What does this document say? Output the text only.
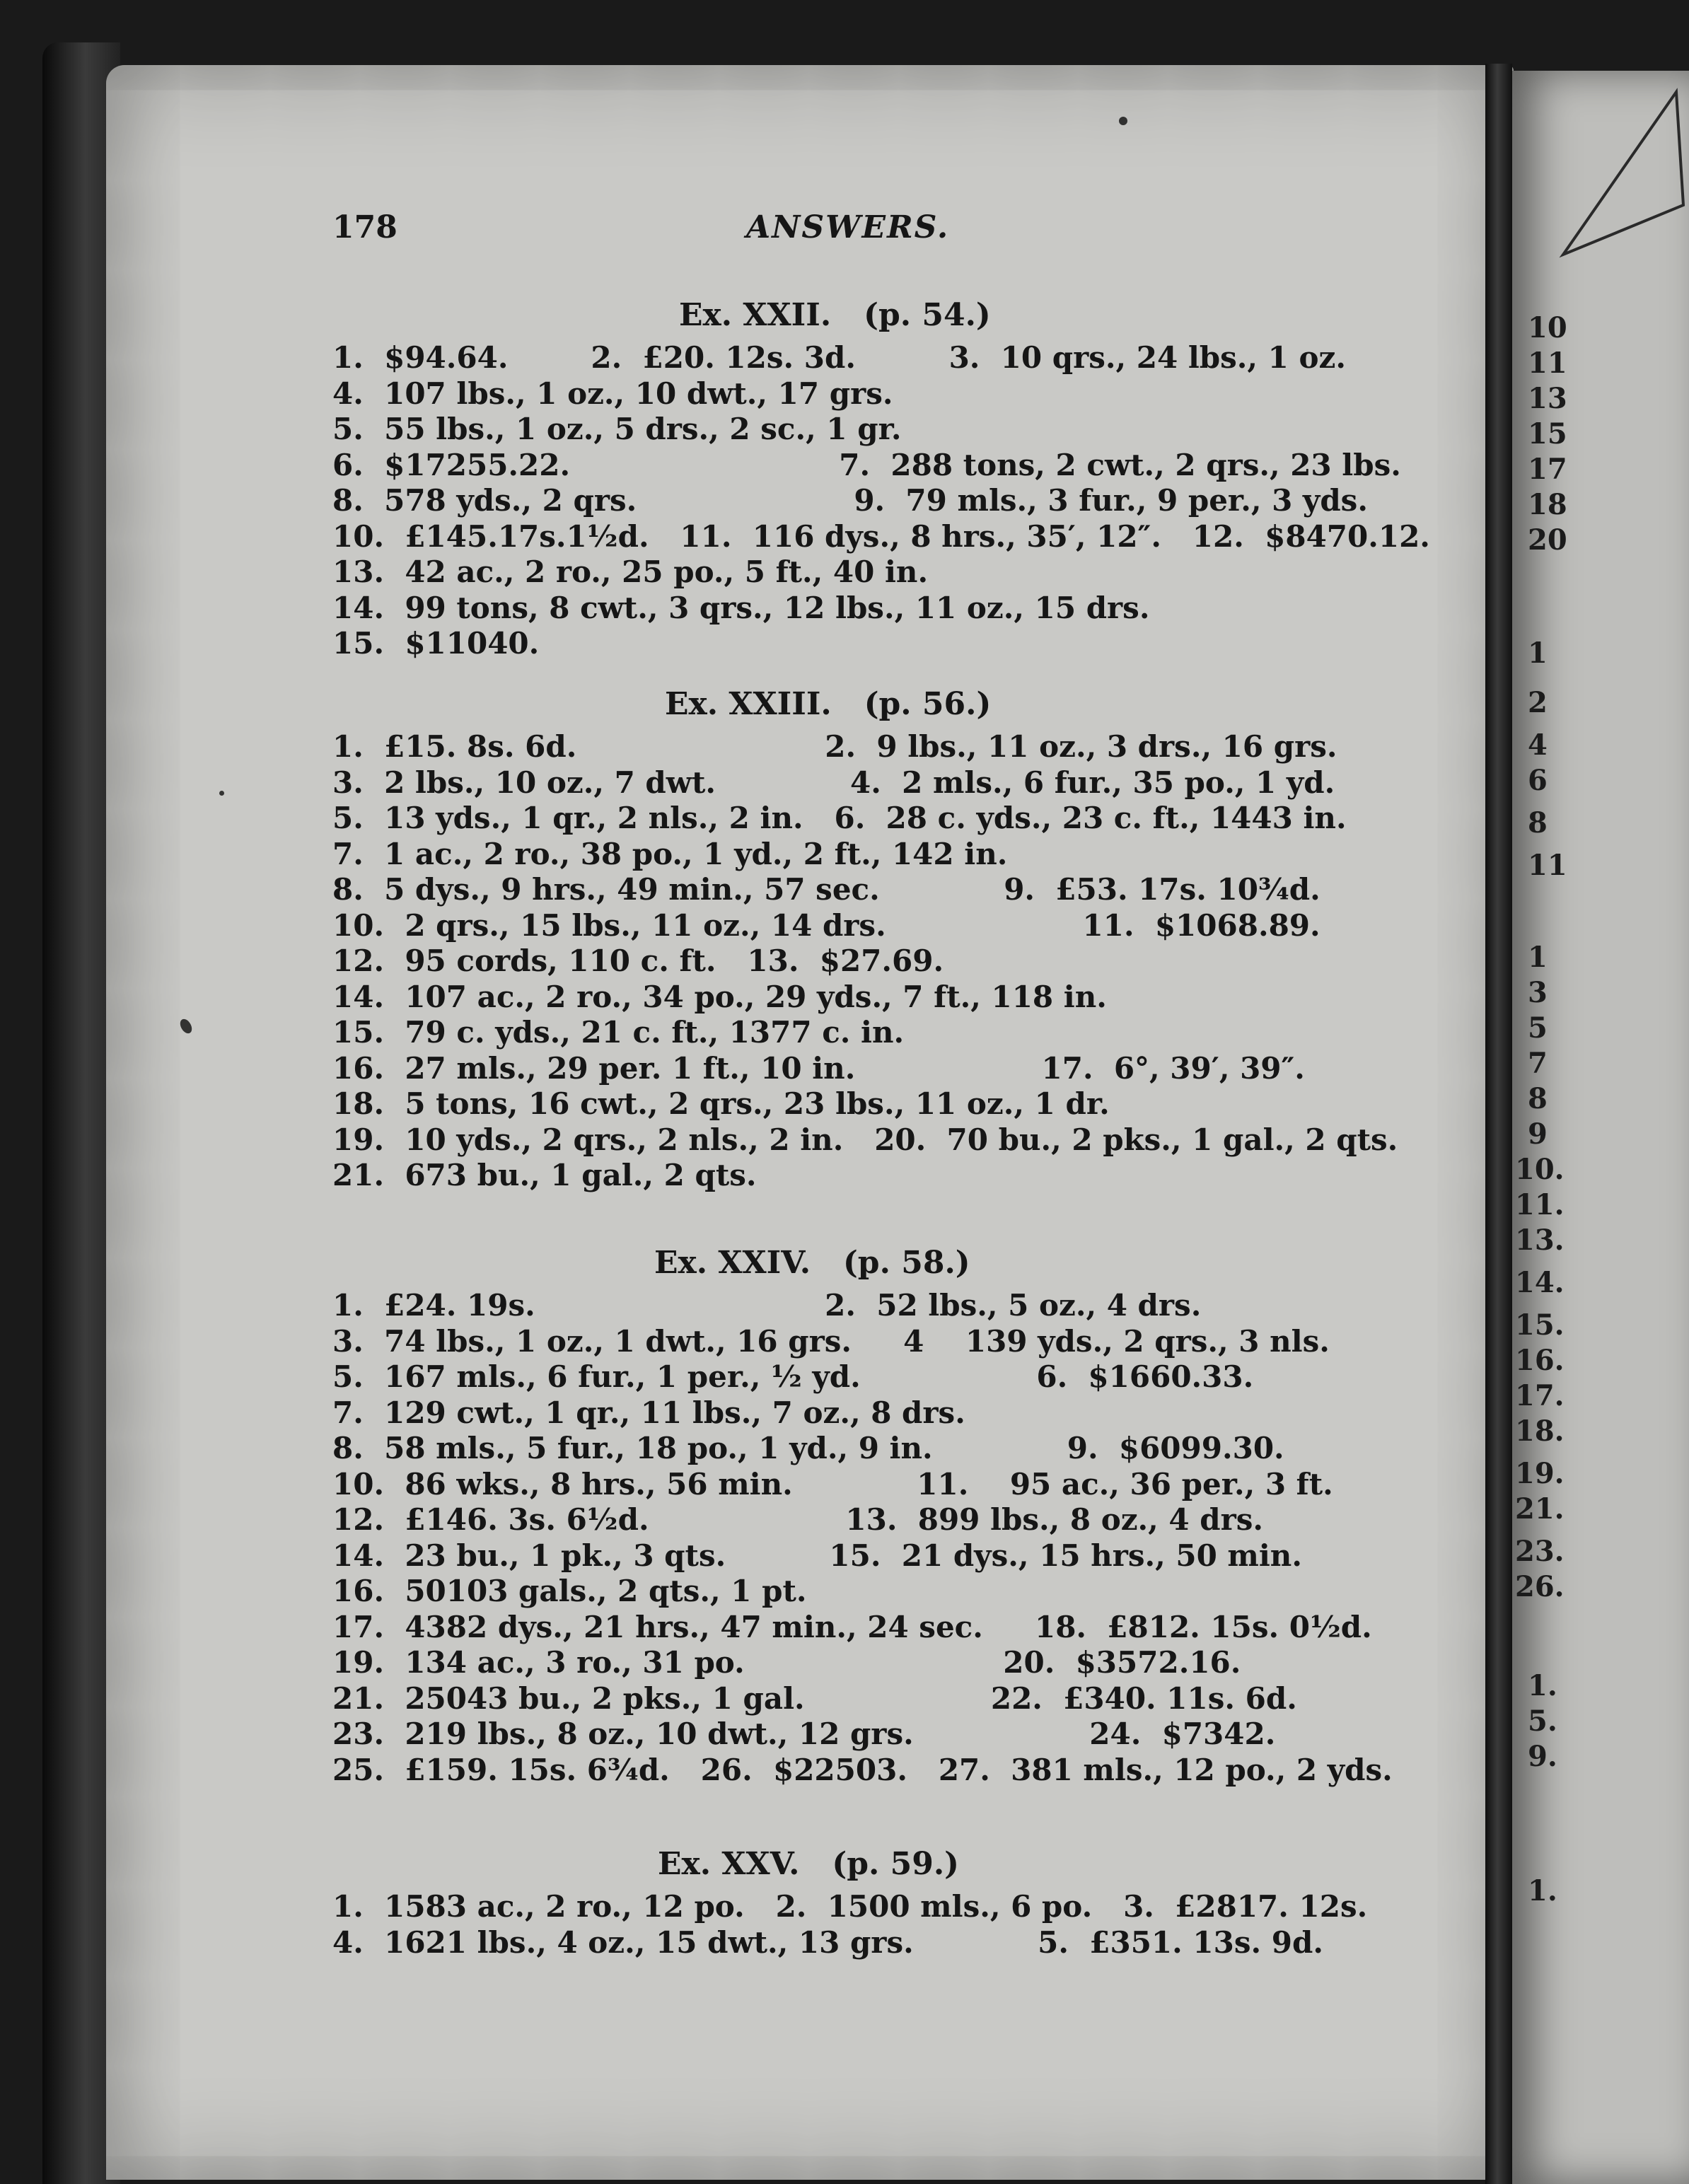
10
11
13
15
17
18
20
1
2
4
6
8
11
1
3
5
7
8
9
10.
11.
13.
14.
15.
16.
17.
18.
19.
21.
23.
26.
1.
5.
9.
1.
178	ANSWERS.
Ex. XXII.   (p. 54.)
1.  $94.64.        2.  £20. 12s. 3d.         3.  10 qrs., 24 lbs., 1 oz.
4.  107 lbs., 1 oz., 10 dwt., 17 grs.
5.  55 lbs., 1 oz., 5 drs., 2 sc., 1 gr.
6.  $17255.22.                          7.  288 tons, 2 cwt., 2 qrs., 23 lbs.
8.  578 yds., 2 qrs.                     9.  79 mls., 3 fur., 9 per., 3 yds.
10.  £145.17s.1½d.   11.  116 dys., 8 hrs., 35′, 12″.   12.  $8470.12.
13.  42 ac., 2 ro., 25 po., 5 ft., 40 in.
14.  99 tons, 8 cwt., 3 qrs., 12 lbs., 11 oz., 15 drs.
15.  $11040.
Ex. XXIII.   (p. 56.)
1.  £15. 8s. 6d.                        2.  9 lbs., 11 oz., 3 drs., 16 grs.
3.  2 lbs., 10 oz., 7 dwt.             4.  2 mls., 6 fur., 35 po., 1 yd.
5.  13 yds., 1 qr., 2 nls., 2 in.   6.  28 c. yds., 23 c. ft., 1443 in.
7.  1 ac., 2 ro., 38 po., 1 yd., 2 ft., 142 in.
8.  5 dys., 9 hrs., 49 min., 57 sec.            9.  £53. 17s. 10¾d.
10.  2 qrs., 15 lbs., 11 oz., 14 drs.                   11.  $1068.89.
12.  95 cords, 110 c. ft.   13.  $27.69.
14.  107 ac., 2 ro., 34 po., 29 yds., 7 ft., 118 in.
15.  79 c. yds., 21 c. ft., 1377 c. in.
16.  27 mls., 29 per. 1 ft., 10 in.                  17.  6°, 39′, 39″.
18.  5 tons, 16 cwt., 2 qrs., 23 lbs., 11 oz., 1 dr.
19.  10 yds., 2 qrs., 2 nls., 2 in.   20.  70 bu., 2 pks., 1 gal., 2 qts.
21.  673 bu., 1 gal., 2 qts.
Ex. XXIV.   (p. 58.)
1.  £24. 19s.                            2.  52 lbs., 5 oz., 4 drs.
3.  74 lbs., 1 oz., 1 dwt., 16 grs.     4    139 yds., 2 qrs., 3 nls.
5.  167 mls., 6 fur., 1 per., ½ yd.                 6.  $1660.33.
7.  129 cwt., 1 qr., 11 lbs., 7 oz., 8 drs.
8.  58 mls., 5 fur., 18 po., 1 yd., 9 in.             9.  $6099.30.
10.  86 wks., 8 hrs., 56 min.            11.    95 ac., 36 per., 3 ft.
12.  £146. 3s. 6½d.                   13.  899 lbs., 8 oz., 4 drs.
14.  23 bu., 1 pk., 3 qts.          15.  21 dys., 15 hrs., 50 min.
16.  50103 gals., 2 qts., 1 pt.
17.  4382 dys., 21 hrs., 47 min., 24 sec.     18.  £812. 15s. 0½d.
19.  134 ac., 3 ro., 31 po.                         20.  $3572.16.
21.  25043 bu., 2 pks., 1 gal.                  22.  £340. 11s. 6d.
23.  219 lbs., 8 oz., 10 dwt., 12 grs.                 24.  $7342.
25.  £159. 15s. 6¾d.   26.  $22503.   27.  381 mls., 12 po., 2 yds.
Ex. XXV.   (p. 59.)
1.  1583 ac., 2 ro., 12 po.   2.  1500 mls., 6 po.   3.  £2817. 12s.
4.  1621 lbs., 4 oz., 15 dwt., 13 grs.            5.  £351. 13s. 9d.
